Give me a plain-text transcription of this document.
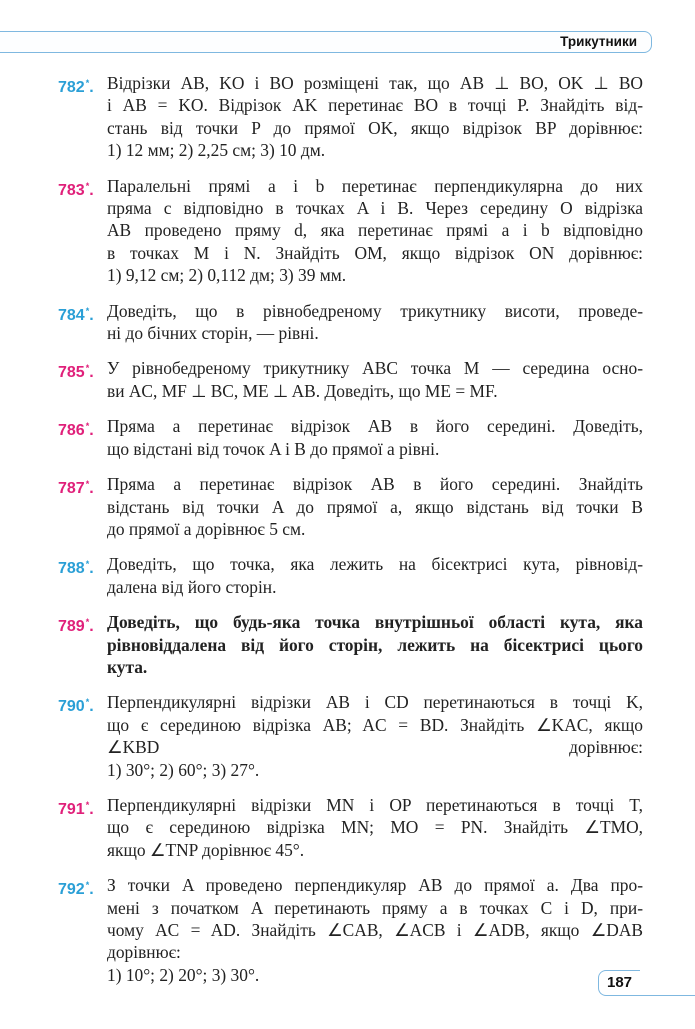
Трикутники
782*. Відрізки AB, KO і BO розміщені так, що AB ⊥ BO, OK ⊥ BO
і AB = KO. Відрізок AK перетинає BO в точці P. Знайдіть від-
стань від точки P до прямої OK, якщо відрізок BP дорівнює:
1) 12 мм; 2) 2,25 см; 3) 10 дм.
783*. Паралельні прямі a і b перетинає перпендикулярна до них
пряма c відповідно в точках A і B. Через середину O відрізка
AB проведено пряму d, яка перетинає прямі a і b відповідно
в точках M і N. Знайдіть OM, якщо відрізок ON дорівнює:
1) 9,12 см; 2) 0,112 дм; 3) 39 мм.
784*. Доведіть, що в рівнобедреному трикутнику висоти, проведе-
ні до бічних сторін, — рівні.
785*. У рівнобедреному трикутнику ABC точка M — середина осно-
ви AC, MF ⊥ BC, ME ⊥ AB. Доведіть, що ME = MF.
786*. Пряма a перетинає відрізок AB в його середині. Доведіть,
що відстані від точок A і B до прямої a рівні.
787*. Пряма a перетинає відрізок AB в його середині. Знайдіть
відстань від точки A до прямої a, якщо відстань від точки B
до прямої a дорівнює 5 см.
788*. Доведіть, що точка, яка лежить на бісектрисі кута, рівновід-
далена від його сторін.
789*. Доведіть, що будь-яка точка внутрішньої області кута, яка
рівновіддалена від його сторін, лежить на бісектрисі цього
кута.
790*. Перпендикулярні відрізки AB і CD перетинаються в точці K,
що є серединою відрізка AB; AC = BD. Знайдіть ∠KAC, якщо
∠KBD дорівнює:
1) 30°; 2) 60°; 3) 27°.
791*. Перпендикулярні відрізки MN і OP перетинаються в точці T,
що є серединою відрізка MN; MO = PN. Знайдіть ∠TMO,
якщо ∠TNP дорівнює 45°.
792*. З точки A проведено перпендикуляр AB до прямої a. Два про-
мені з початком A перетинають пряму a в точках C і D, при-
чому AC = AD. Знайдіть ∠CAB, ∠ACB і ∠ADB, якщо ∠DAB
дорівнює:
1) 10°; 2) 20°; 3) 30°.	187
